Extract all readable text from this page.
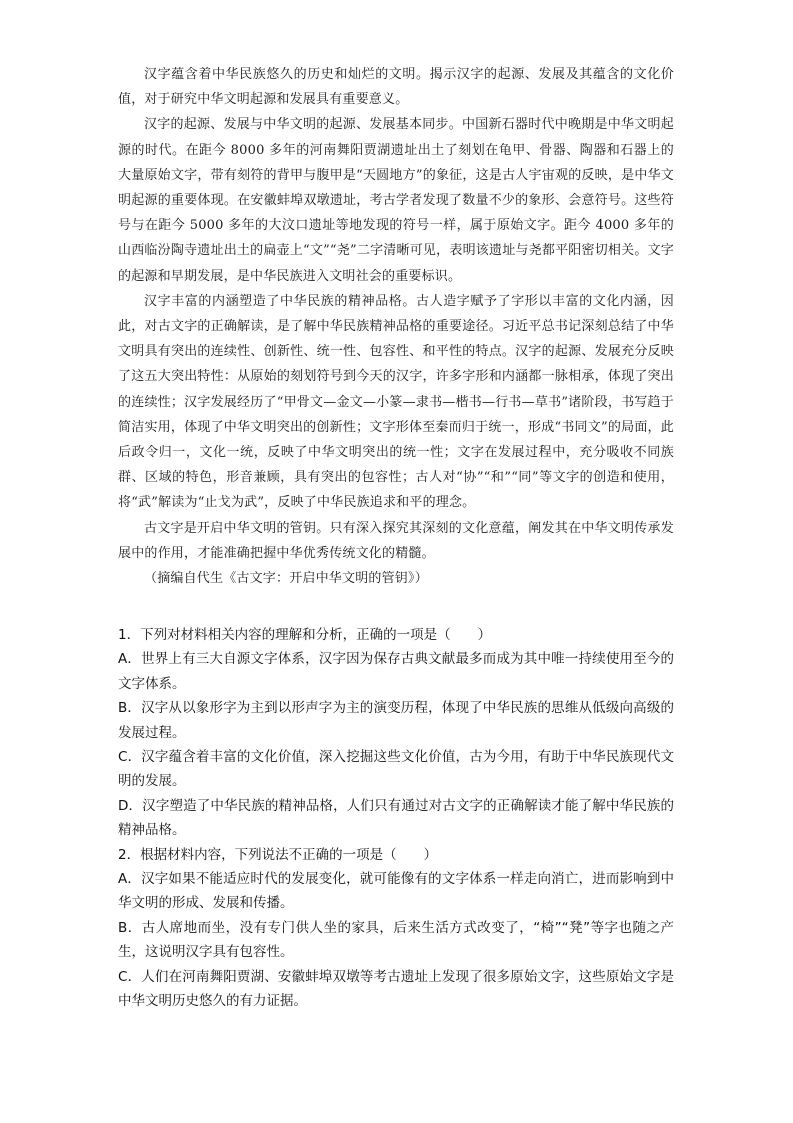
汉字蕴含着中华民族悠久的历史和灿烂的文明。揭示汉字的起源、发展及其蕴含的文化价值，对于研究中华文明起源和发展具有重要意义。

汉字的起源、发展与中华文明的起源、发展基本同步。中国新石器时代中晚期是中华文明起源的时代。在距今 8000 多年的河南舞阳贾湖遗址出土了刻划在龟甲、骨器、陶器和石器上的大量原始文字，带有刻符的背甲与腹甲是“天圆地方”的象征，这是古人宇宙观的反映，是中华文明起源的重要体现。在安徽蚌埠双墩遗址，考古学者发现了数量不少的象形、会意符号。这些符号与在距今 5000 多年的大汶口遗址等地发现的符号一样，属于原始文字。距今 4000 多年的山西临汾陶寺遗址出土的扁壶上“文”“尧”二字清晰可见，表明该遗址与尧都平阳密切相关。文字的起源和早期发展，是中华民族进入文明社会的重要标识。

汉字丰富的内涵塑造了中华民族的精神品格。古人造字赋予了字形以丰富的文化内涵，因此，对古文字的正确解读，是了解中华民族精神品格的重要途径。习近平总书记深刻总结了中华文明具有突出的连续性、创新性、统一性、包容性、和平性的特点。汉字的起源、发展充分反映了这五大突出特性：从原始的刻划符号到今天的汉字，许多字形和内涵都一脉相承，体现了突出的连续性；汉字发展经历了“甲骨文—金文—小篆—隶书—楷书—行书—草书”诸阶段，书写趋于简洁实用，体现了中华文明突出的创新性；文字形体至秦而归于统一，形成“书同文”的局面，此后政令归一，文化一统，反映了中华文明突出的统一性；文字在发展过程中，充分吸收不同族群、区域的特色，形音兼顾，具有突出的包容性；古人对“协”“和”“同”等文字的创造和使用，将“武”解读为“止戈为武”，反映了中华民族追求和平的理念。

古文字是开启中华文明的管钥。只有深入探究其深刻的文化意蕴，阐发其在中华文明传承发展中的作用，才能准确把握中华优秀传统文化的精髓。

（摘编自代生《古文字：开启中华文明的管钥》）

1．下列对材料相关内容的理解和分析，正确的一项是（　　）

A．世界上有三大自源文字体系，汉字因为保存古典文献最多而成为其中唯一持续使用至今的文字体系。

B．汉字从以象形字为主到以形声字为主的演变历程，体现了中华民族的思维从低级向高级的发展过程。

C．汉字蕴含着丰富的文化价值，深入挖掘这些文化价值，古为今用，有助于中华民族现代文明的发展。

D．汉字塑造了中华民族的精神品格，人们只有通过对古文字的正确解读才能了解中华民族的精神品格。

2．根据材料内容，下列说法不正确的一项是（　　）

A．汉字如果不能适应时代的发展变化，就可能像有的文字体系一样走向消亡，进而影响到中华文明的形成、发展和传播。

B．古人席地而坐，没有专门供人坐的家具，后来生活方式改变了，“椅”“凳”等字也随之产生，这说明汉字具有包容性。

C．人们在河南舞阳贾湖、安徽蚌埠双墩等考古遗址上发现了很多原始文字，这些原始文字是中华文明历史悠久的有力证据。
